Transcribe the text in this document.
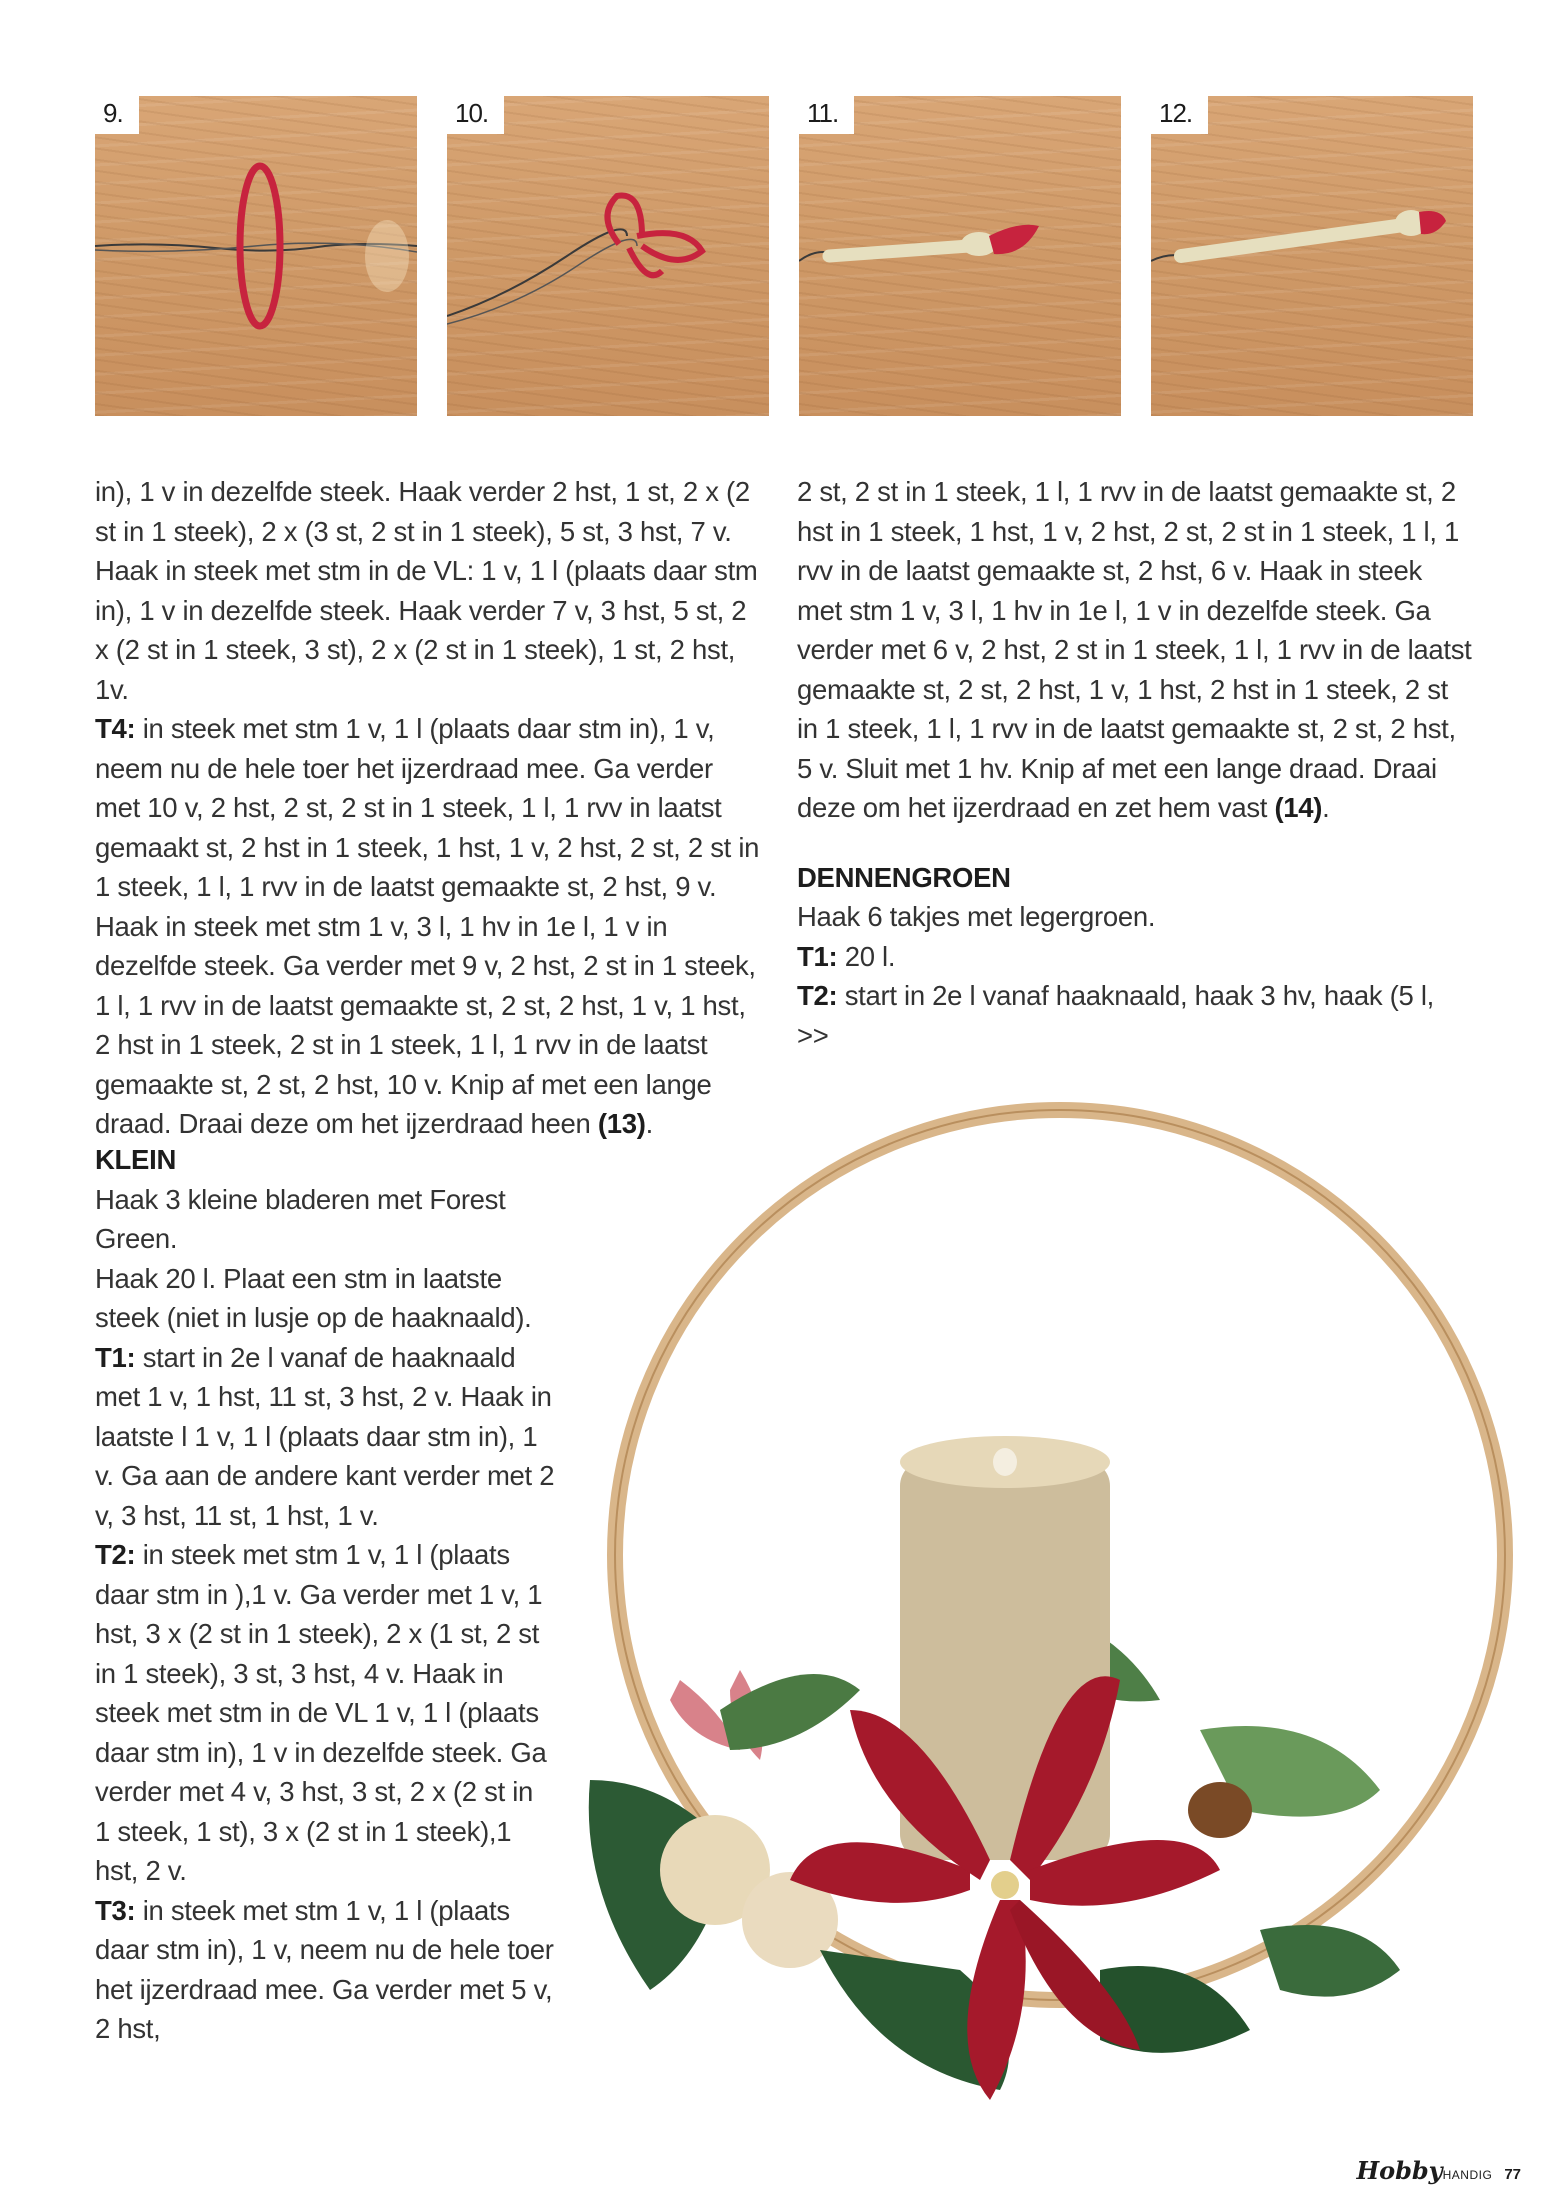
9.	10.	11.	12.

in), 1 v in dezelfde steek. Haak verder 2 hst, 1 st, 2 x (2 st in 1 steek), 2 x (3 st, 2 st in 1 steek), 5 st, 3 hst, 7 v. Haak in steek met stm in de VL: 1 v, 1 l (plaats daar stm in), 1 v in dezelfde steek. Haak verder 7 v, 3 hst, 5 st, 2 x (2 st in 1 steek, 3 st), 2 x (2 st in 1 steek), 1 st, 2 hst, 1v.

T4: in steek met stm 1 v, 1 l (plaats daar stm in), 1 v, neem nu de hele toer het ijzerdraad mee. Ga verder met 10 v, 2 hst, 2 st, 2 st in 1 steek, 1 l, 1 rvv in laatst gemaakt st, 2 hst in 1 steek, 1 hst, 1 v, 2 hst, 2 st, 2 st in 1 steek, 1 l, 1 rvv in de laatst gemaakte st, 2 hst, 9 v. Haak in steek met stm 1 v, 3 l, 1 hv in 1e l, 1 v in dezelfde steek. Ga verder met 9 v, 2 hst, 2 st in 1 steek, 1 l, 1 rvv in de laatst gemaakte st, 2 st, 2 hst, 1 v, 1 hst, 2 hst in 1 steek, 2 st in 1 steek, 1 l, 1 rvv in de laatst gemaakte st, 2 st, 2 hst, 10 v. Knip af met een lange draad. Draai deze om het ijzerdraad heen (13).

KLEIN

Haak 3 kleine bladeren met Forest Green.

Haak 20 l. Plaat een stm in laatste steek (niet in lusje op de haaknaald).

T1: start in 2e l vanaf de haaknaald met 1 v, 1 hst, 11 st, 3 hst, 2 v. Haak in laatste l 1 v, 1 l (plaats daar stm in), 1 v. Ga aan de andere kant verder met 2 v, 3 hst, 11 st, 1 hst, 1 v.

T2: in steek met stm 1 v, 1 l (plaats daar stm in ),1 v. Ga verder met 1 v, 1 hst, 3 x (2 st in 1 steek), 2 x (1 st, 2 st in 1 steek), 3 st, 3 hst, 4 v. Haak in steek met stm in de VL 1 v, 1 l (plaats daar stm in), 1 v in dezelfde steek. Ga verder met 4 v, 3 hst, 3 st, 2 x (2 st in 1 steek, 1 st), 3 x (2 st in 1 steek),1 hst, 2 v.

T3: in steek met stm 1 v, 1 l (plaats daar stm in), 1 v, neem nu de hele toer het ijzerdraad mee. Ga verder met 5 v, 2 hst,

2 st, 2 st in 1 steek, 1 l, 1 rvv in de laatst gemaakte st, 2 hst in 1 steek, 1 hst, 1 v, 2 hst, 2 st, 2 st in 1 steek, 1 l, 1 rvv in de laatst gemaakte st, 2 hst, 6 v. Haak in steek met stm 1 v, 3 l, 1 hv in 1e l, 1 v in dezelfde steek. Ga verder met 6 v, 2 hst, 2 st in 1 steek, 1 l, 1 rvv in de laatst gemaakte st, 2 st, 2 hst, 1 v, 1 hst, 2 hst in 1 steek, 2 st in 1 steek, 1 l, 1 rvv in de laatst gemaakte st, 2 st, 2 hst, 5 v. Sluit met 1 hv. Knip af met een lange draad. Draai deze om het ijzerdraad en zet hem vast (14).

DENNENGROEN

Haak 6 takjes met legergroen.

T1: 20 l.

T2: start in 2e l vanaf haaknaald, haak 3 hv, haak (5 l, >>

HobbyHANDIG 77
